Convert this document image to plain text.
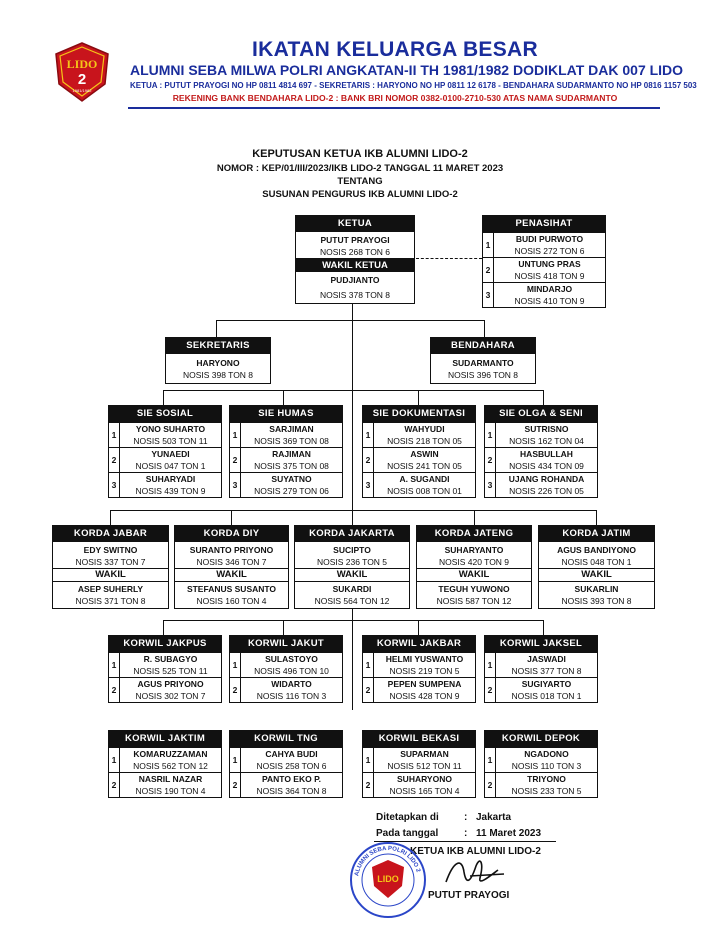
LIDO
2
1981/1982
IKATAN KELUARGA BESAR
ALUMNI SEBA MILWA POLRI ANGKATAN-II TH 1981/1982 DODIKLAT DAK 007 LIDO
KETUA : PUTUT PRAYOGI NO HP 0811 4814 697 - SEKRETARIS : HARYONO NO HP 0811 12 6178 - BENDAHARA SUDARMANTO NO HP 0816 1157 503
REKENING BANK BENDAHARA LIDO-2 : BANK BRI NOMOR 0382-0100-2710-530 ATAS NAMA SUDARMANTO
KEPUTUSAN KETUA IKB ALUMNI LIDO-2
NOMOR : KEP/01/III/2023/IKB LIDO-2 TANGGAL 11 MARET 2023
TENTANG
SUSUNAN PENGURUS IKB ALUMNI LIDO-2
KETUA
PUTUT PRAYOGI
NOSIS 268 TON 6
WAKIL KETUA
PUDJIANTO
NOSIS 378 TON 8
PENASIHAT
1
BUDI PURWOTO
NOSIS 272 TON 6
2
UNTUNG PRAS
NOSIS 418 TON 9
3
MINDARJO
NOSIS 410 TON 9
SEKRETARIS
HARYONO
NOSIS 398 TON 8
BENDAHARA
SUDARMANTO
NOSIS 396 TON 8
SIE SOSIAL
1
YONO SUHARTO
NOSIS 503 TON 11
2
YUNAEDI
NOSIS 047 TON 1
3
SUHARYADI
NOSIS 439 TON 9
SIE HUMAS
1
SARJIMAN
NOSIS 369 TON 08
2
RAJIMAN
NOSIS 375 TON 08
3
SUYATNO
NOSIS 279 TON 06
SIE DOKUMENTASI
1
WAHYUDI
NOSIS 218 TON 05
2
ASWIN
NOSIS 241 TON 05
3
A. SUGANDI
NOSIS 008 TON 01
SIE OLGA & SENI
1
SUTRISNO
NOSIS 162 TON 04
2
HASBULLAH
NOSIS 434 TON 09
3
UJANG ROHANDA
NOSIS 226 TON 05
KORDA JABAR
EDY SWITNO
NOSIS 337 TON 7
WAKIL
ASEP SUHERLY
NOSIS 371 TON 8
KORDA DIY
SURANTO PRIYONO
NOSIS 346 TON 7
WAKIL
STEFANUS SUSANTO
NOSIS 160 TON 4
KORDA JAKARTA
SUCIPTO
NOSIS 236 TON 5
WAKIL
SUKARDI
NOSIS 564 TON 12
KORDA JATENG
SUHARYANTO
NOSIS 420 TON 9
WAKIL
TEGUH YUWONO
NOSIS 587 TON 12
KORDA JATIM
AGUS BANDIYONO
NOSIS 048 TON 1
WAKIL
SUKARLIN
NOSIS 393 TON 8
KORWIL JAKPUS
1
R. SUBAGYO
NOSIS 525 TON 11
2
AGUS PRIYONO
NOSIS 302 TON 7
KORWIL JAKUT
1
SULASTOYO
NOSIS 496 TON 10
2
WIDARTO
NOSIS 116 TON 3
KORWIL JAKBAR
1
HELMI YUSWANTO
NOSIS 219 TON 5
2
PEPEN SUMPENA
NOSIS 428 TON 9
KORWIL JAKSEL
1
JASWADI
NOSIS 377 TON 8
2
SUGIYARTO
NOSIS 018 TON 1
KORWIL JAKTIM
1
KOMARUZZAMAN
NOSIS 562 TON 12
2
NASRIL NAZAR
NOSIS 190 TON 4
KORWIL TNG
1
CAHYA BUDI
NOSIS 258 TON 6
2
PANTO EKO P.
NOSIS 364 TON 8
KORWIL BEKASI
1
SUPARMAN
NOSIS 512 TON 11
2
SUHARYONO
NOSIS 165 TON 4
KORWIL DEPOK
1
NGADONO
NOSIS 110 TON 3
2
TRIYONO
NOSIS 233 TON 5
Ditetapkan di	: Jakarta
Pada tanggal	: 11 Maret 2023
KETUA IKB ALUMNI LIDO-2
LIDO
ALUMNI SEBA POLRI LIDO 2
PUTUT PRAYOGI
